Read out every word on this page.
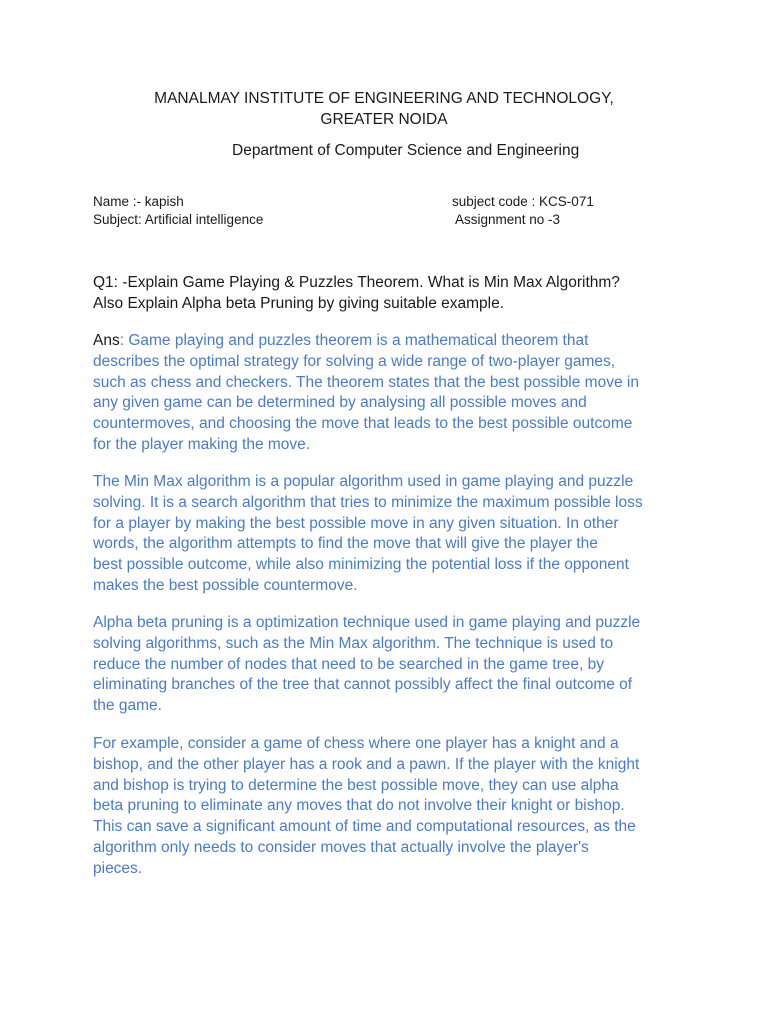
MANALMAY INSTITUTE OF ENGINEERING AND TECHNOLOGY,
GREATER NOIDA
Department of Computer Science and Engineering
Name :- kapish
Subject: Artificial intelligence
subject code : KCS-071
Assignment no -3
Q1: -Explain Game Playing & Puzzles Theorem. What is Min Max Algorithm?
Also Explain Alpha beta Pruning by giving suitable example.
Ans: Game playing and puzzles theorem is a mathematical theorem that
describes the optimal strategy for solving a wide range of two-player games,
such as chess and checkers. The theorem states that the best possible move in
any given game can be determined by analysing all possible moves and
countermoves, and choosing the move that leads to the best possible outcome
for the player making the move.
The Min Max algorithm is a popular algorithm used in game playing and puzzle
solving. It is a search algorithm that tries to minimize the maximum possible loss
for a player by making the best possible move in any given situation. In other
words, the algorithm attempts to find the move that will give the player the
best possible outcome, while also minimizing the potential loss if the opponent
makes the best possible countermove.
Alpha beta pruning is a optimization technique used in game playing and puzzle
solving algorithms, such as the Min Max algorithm. The technique is used to
reduce the number of nodes that need to be searched in the game tree, by
eliminating branches of the tree that cannot possibly affect the final outcome of
the game.
For example, consider a game of chess where one player has a knight and a
bishop, and the other player has a rook and a pawn. If the player with the knight
and bishop is trying to determine the best possible move, they can use alpha
beta pruning to eliminate any moves that do not involve their knight or bishop.
This can save a significant amount of time and computational resources, as the
algorithm only needs to consider moves that actually involve the player's
pieces.
